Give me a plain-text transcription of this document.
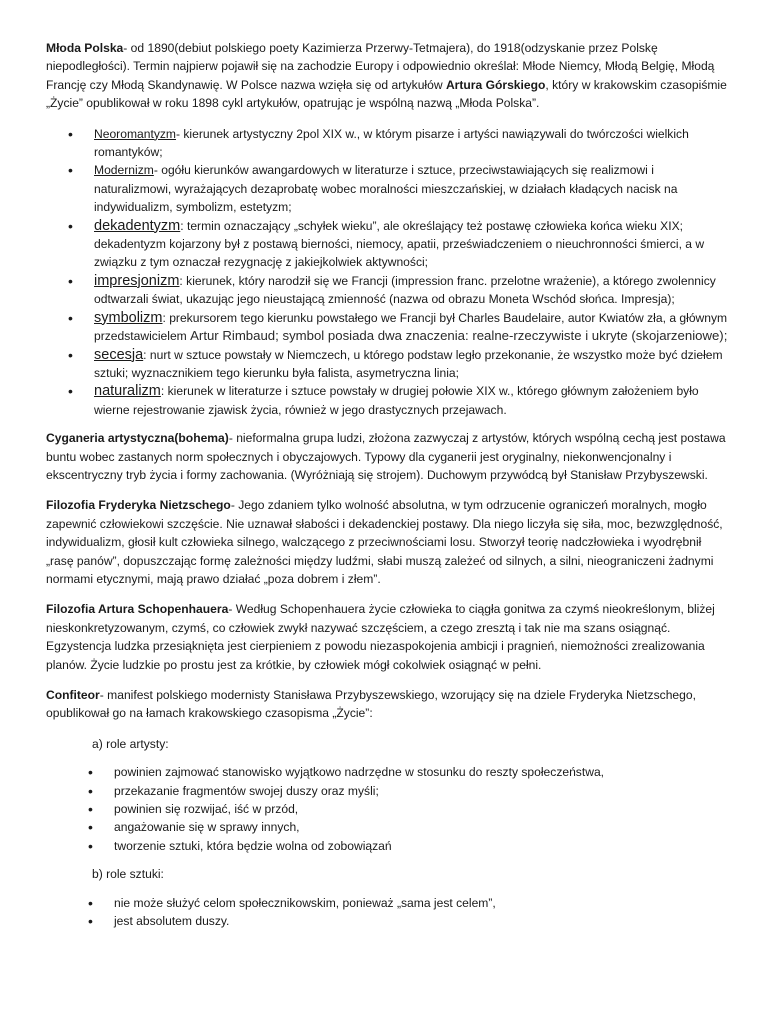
Młoda Polska- od 1890(debiut polskiego poety Kazimierza Przerwy-Tetmajera), do 1918(odzyskanie przez Polskę niepodległości). Termin najpierw pojawił się na zachodzie Europy i odpowiednio określał: Młode Niemcy, Młodą Belgię, Młodą Francję czy Młodą Skandynawię. W Polsce nazwa wzięła się od artykułów Artura Górskiego, który w krakowskim czasopiśmie „Życie” opublikował w roku 1898 cykl artykułów, opatrując je wspólną nazwą „Młoda Polska”.

• Neoromantyzm- kierunek artystyczny 2pol XIX w., w którym pisarze i artyści nawiązywali do twórczości wielkich romantyków;
• Modernizm- ogółu kierunków awangardowych w literaturze i sztuce, przeciwstawiających się realizmowi i naturalizmowi, wyrażających dezaprobatę wobec moralności mieszczańskiej, w działach kładących nacisk na indywidualizm, symbolizm, estetyzm;
• dekadentyzm: termin oznaczający „schyłek wieku”, ale określający też postawę człowieka końca wieku XIX; dekadentyzm kojarzony był z postawą bierności, niemocy, apatii, przeświadczeniem o nieuchronności śmierci, a w związku z tym oznaczał rezygnację z jakiejkolwiek aktywności;
• impresjonizm: kierunek, który narodził się we Francji (impression franc. przelotne wrażenie), a którego zwolennicy odtwarzali świat, ukazując jego nieustającą zmienność (nazwa od obrazu Moneta Wschód słońca. Impresja);
• symbolizm: prekursorem tego kierunku powstałego we Francji był Charles Baudelaire, autor Kwiatów zła, a głównym przedstawicielem Artur Rimbaud; symbol posiada dwa znaczenia: realne-rzeczywiste i ukryte (skojarzeniowe);
• secesja: nurt w sztuce powstały w Niemczech, u którego podstaw legło przekonanie, że wszystko może być dziełem sztuki; wyznacznikiem tego kierunku była falista, asymetryczna linia;
• naturalizm: kierunek w literaturze i sztuce powstały w drugiej połowie XIX w., którego głównym założeniem było wierne rejestrowanie zjawisk życia, również w jego drastycznych przejawach.

Cyganeria artystyczna(bohema)- nieformalna grupa ludzi, złożona zazwyczaj z artystów, których wspólną cechą jest postawa buntu wobec zastanych norm społecznych i obyczajowych. Typowy dla cyganerii jest oryginalny, niekonwencjonalny i ekscentryczny tryb życia i formy zachowania. (Wyróżniają się strojem). Duchowym przywódcą był Stanisław Przybyszewski.

Filozofia Fryderyka Nietzschego- Jego zdaniem tylko wolność absolutna, w tym odrzucenie ograniczeń moralnych, mogło zapewnić człowiekowi szczęście. Nie uznawał słabości i dekadenckiej postawy. Dla niego liczyła się siła, moc, bezwzględność, indywidualizm, głosił kult człowieka silnego, walczącego z przeciwnościami losu. Stworzył teorię nadczłowieka i wyodrębnił „rasę panów”, dopuszczając formę zależności między ludźmi, słabi muszą zależeć od silnych, a silni, nieograniczeni żadnymi normami etycznymi, mają prawo działać „poza dobrem i złem”.

Filozofia Artura Schopenhauera- Według Schopenhauera życie człowieka to ciągła gonitwa za czymś nieokreślonym, bliżej nieskonkretyzowanym, czymś, co człowiek zwykł nazywać szczęściem, a czego zresztą i tak nie ma szans osiągnąć. Egzystencja ludzka przesiąknięta jest cierpieniem z powodu niezaspokojenia ambicji i pragnień, niemożności zrealizowania planów. Życie ludzkie po prostu jest za krótkie, by człowiek mógł cokolwiek osiągnąć w pełni.

Confiteor- manifest polskiego modernisty Stanisława Przybyszewskiego, wzorujący się na dziele Fryderyka Nietzschego, opublikował go na łamach krakowskiego czasopisma „Życie”:

a) role artysty:

• powinien zajmować stanowisko wyjątkowo nadrzędne w stosunku do reszty społeczeństwa,
• przekazanie fragmentów swojej duszy oraz myśli;
• powinien się rozwijać, iść w przód,
• angażowanie się w sprawy innych,
• tworzenie sztuki, która będzie wolna od zobowiązań

b) role sztuki:

• nie może służyć celom społecznikowskim, ponieważ „sama jest celem”,
• jest absolutem duszy.
